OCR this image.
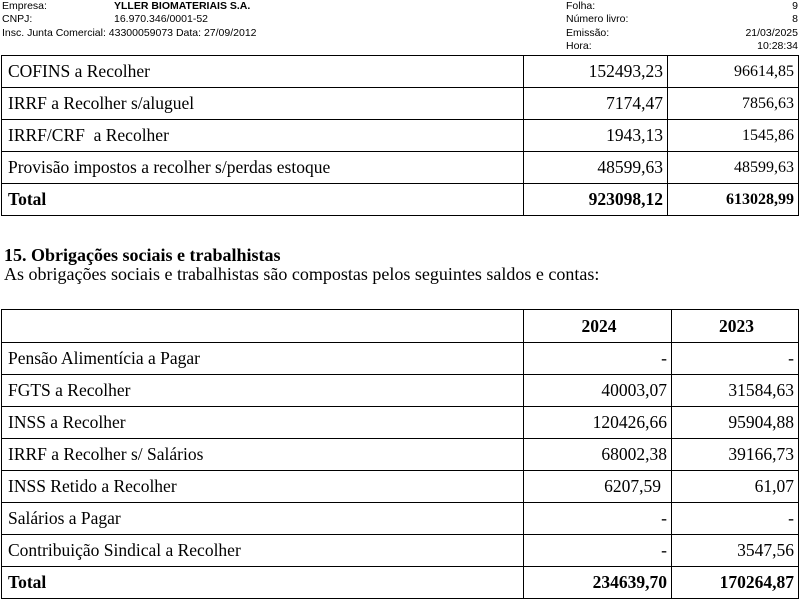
Empresa:	YLLER BIOMATERIAIS S.A.
CNPJ:	16.970.346/0001-52
Insc. Junta Comercial: 43300059073 Data: 27/09/2012
Folha:	9
Número livro:	8
Emissão:	21/03/2025
Hora:	10:28:34
COFINS a Recolher	152493,23	96614,85
IRRF a Recolher s/aluguel	7174,47	7856,63
IRRF/CRF  a Recolher	1943,13	1545,86
Provisão impostos a recolher s/perdas estoque	48599,63	48599,63
Total	923098,12	613028,99
15. Obrigações sociais e trabalhistas
As obrigações sociais e trabalhistas são compostas pelos seguintes saldos e contas:
	2024	2023
Pensão Alimentícia a Pagar	-	-
FGTS a Recolher	40003,07	31584,63
INSS a Recolher	120426,66	95904,88
IRRF a Recolher s/ Salários	68002,38	39166,73
INSS Retido a Recolher	6207,59	61,07
Salários a Pagar	-	-
Contribuição Sindical a Recolher	-	3547,56
Total	234639,70	170264,87
